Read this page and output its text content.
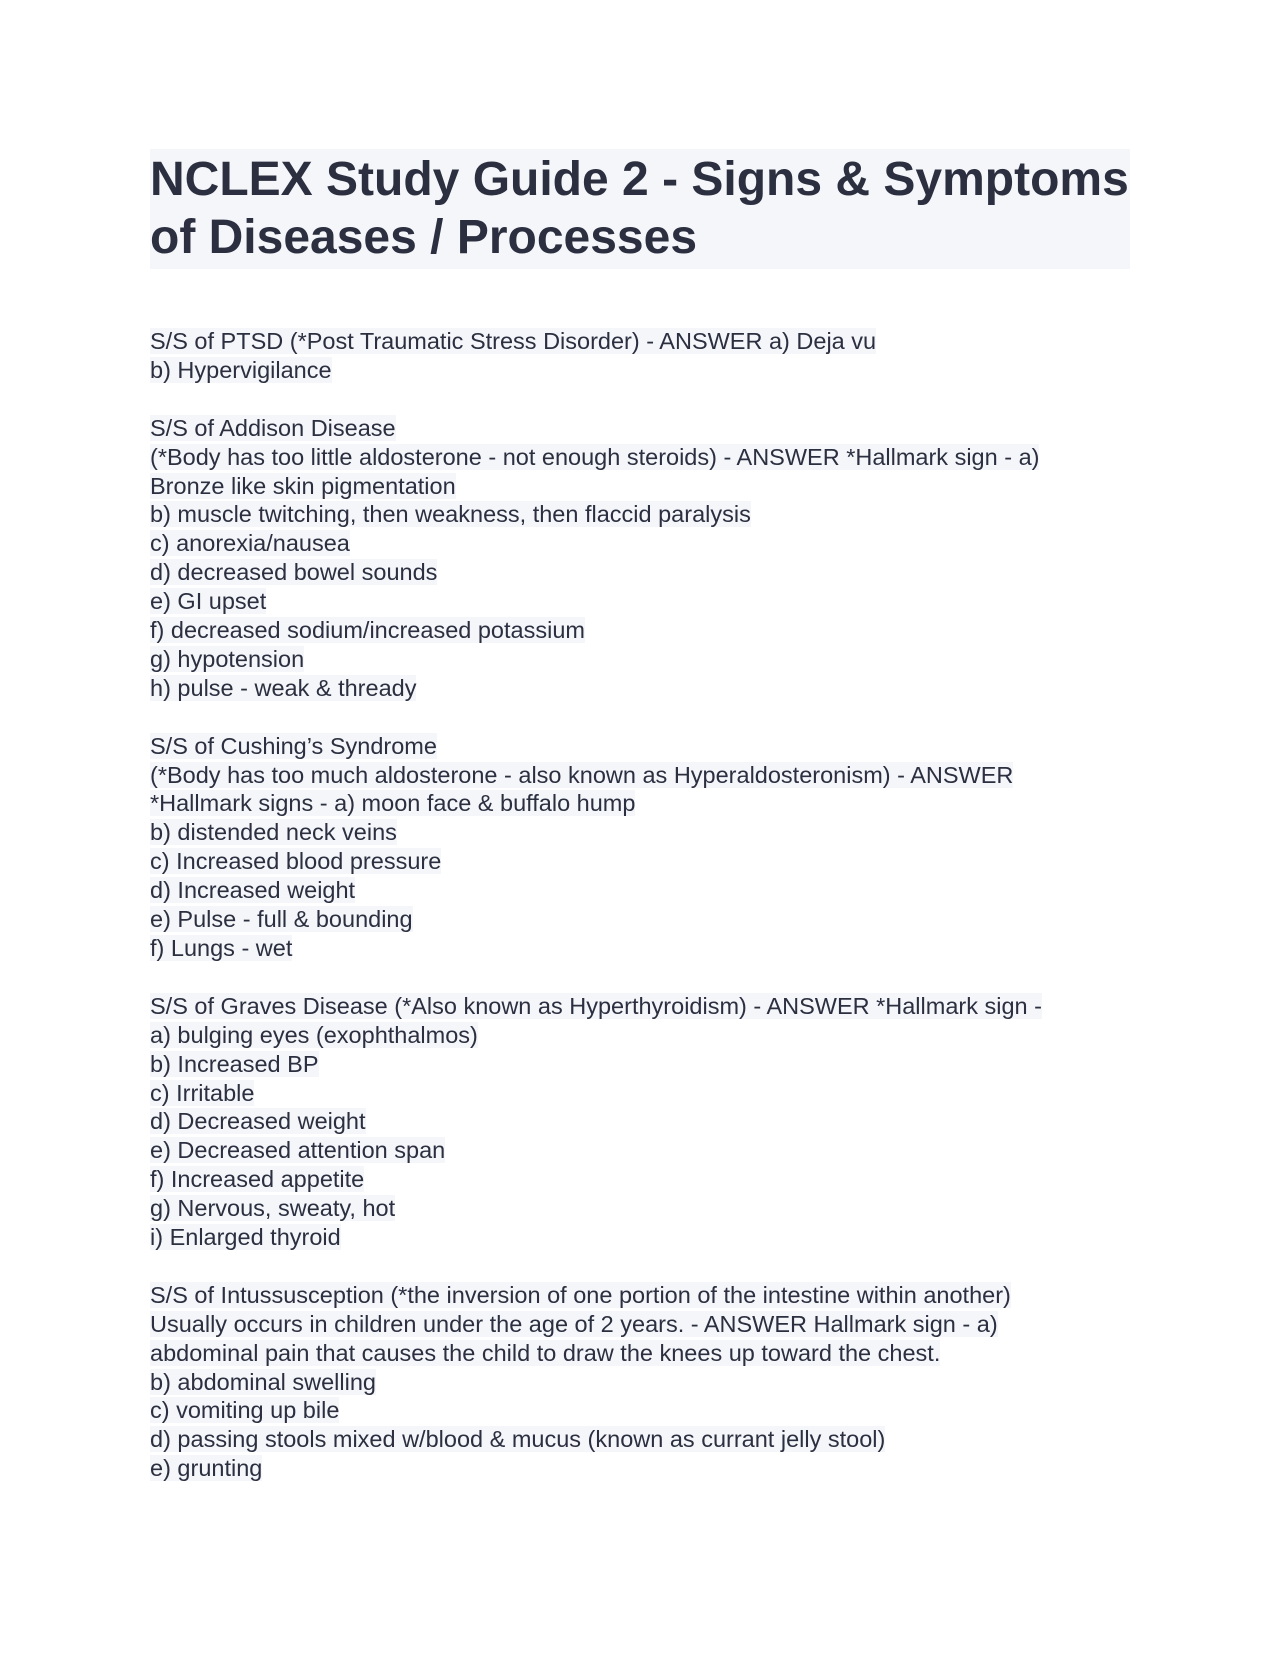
NCLEX Study Guide 2 - Signs & Symptoms of Diseases / Processes
S/S of PTSD (*Post Traumatic Stress Disorder) - ANSWER a) Deja vu
b) Hypervigilance
S/S of Addison Disease
(*Body has too little aldosterone - not enough steroids) - ANSWER *Hallmark sign - a)
Bronze like skin pigmentation
b) muscle twitching, then weakness, then flaccid paralysis
c) anorexia/nausea
d) decreased bowel sounds
e) GI upset
f) decreased sodium/increased potassium
g) hypotension
h) pulse - weak & thready
S/S of Cushing’s Syndrome
(*Body has too much aldosterone - also known as Hyperaldosteronism) - ANSWER
*Hallmark signs - a) moon face & buffalo hump
b) distended neck veins
c) Increased blood pressure
d) Increased weight
e) Pulse - full & bounding
f) Lungs - wet
S/S of Graves Disease (*Also known as Hyperthyroidism) - ANSWER *Hallmark sign -
a) bulging eyes (exophthalmos)
b) Increased BP
c) Irritable
d) Decreased weight
e) Decreased attention span
f) Increased appetite
g) Nervous, sweaty, hot
i) Enlarged thyroid
S/S of Intussusception (*the inversion of one portion of the intestine within another)
Usually occurs in children under the age of 2 years. - ANSWER Hallmark sign - a)
abdominal pain that causes the child to draw the knees up toward the chest.
b) abdominal swelling
c) vomiting up bile
d) passing stools mixed w/blood & mucus (known as currant jelly stool)
e) grunting
